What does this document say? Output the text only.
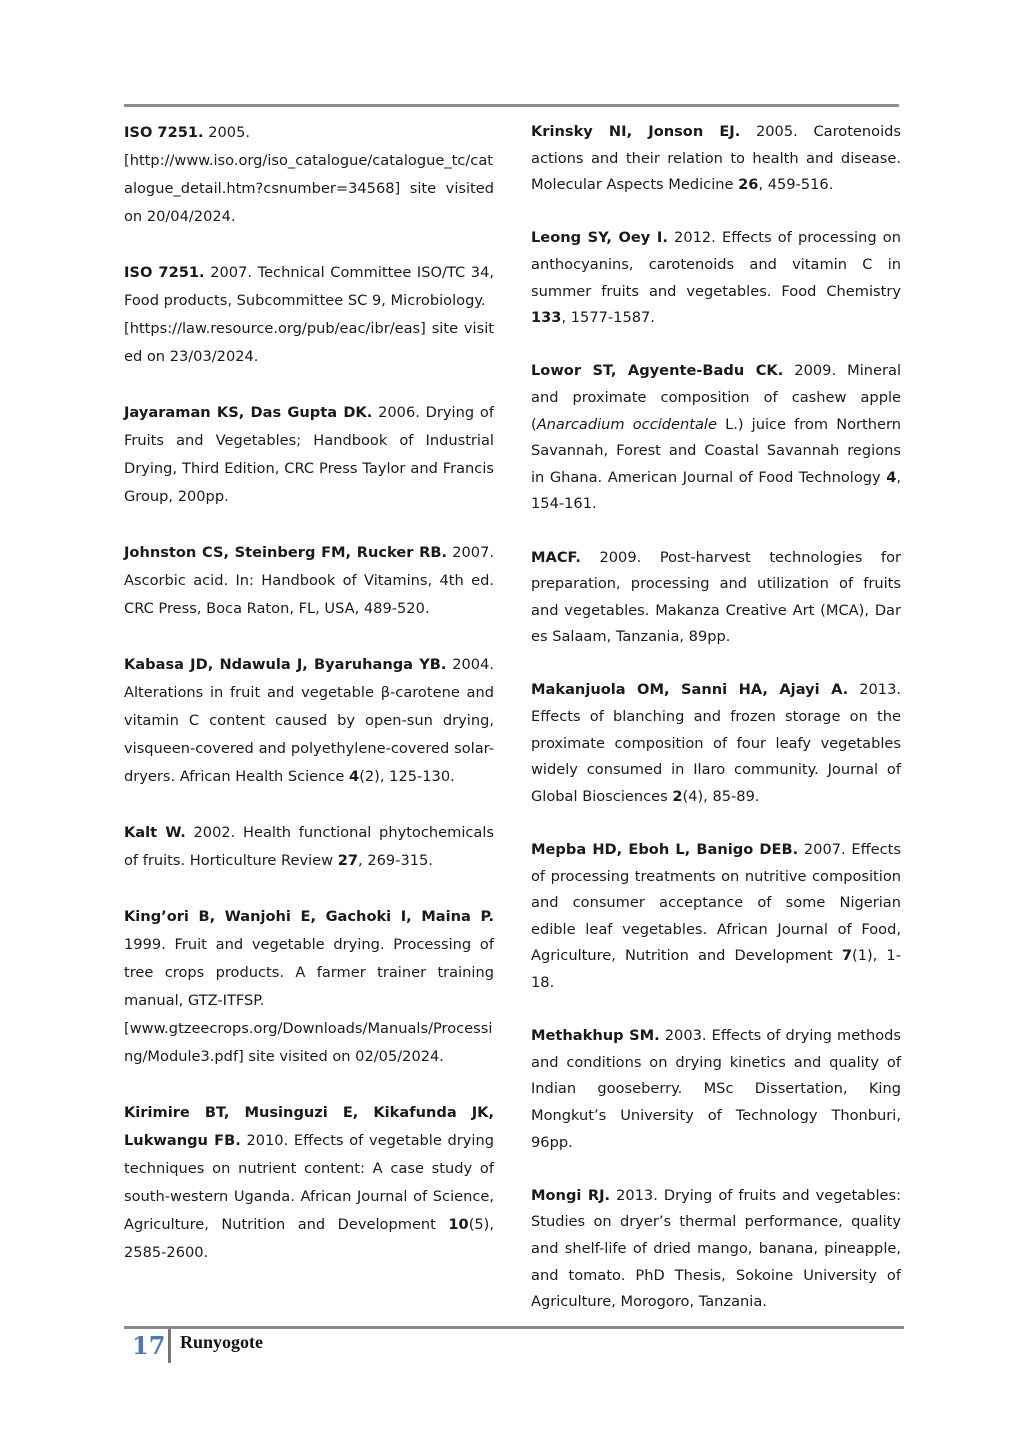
ISO 7251. 2005.
[http://www.iso.org/iso_catalogue/catalogue_tc/catalogue_detail.htm?csnumber=34568] site visited on 20/04/2024.

ISO 7251. 2007. Technical Committee ISO/TC 34, Food products, Subcommittee SC 9, Microbiology.
[https://law.resource.org/pub/eac/ibr/eas] site visited on 23/03/2024.

Jayaraman KS, Das Gupta DK. 2006. Drying of Fruits and Vegetables; Handbook of Industrial Drying, Third Edition, CRC Press Taylor and Francis Group, 200pp.

Johnston CS, Steinberg FM, Rucker RB. 2007. Ascorbic acid. In: Handbook of Vitamins, 4th ed. CRC Press, Boca Raton, FL, USA, 489-520.

Kabasa JD, Ndawula J, Byaruhanga YB. 2004. Alterations in fruit and vegetable β-carotene and vitamin C content caused by open-sun drying, visqueen-covered and polyethylene-covered solar-dryers. African Health Science 4(2), 125-130.

Kalt W. 2002. Health functional phytochemicals of fruits. Horticulture Review 27, 269-315.

King’ori B, Wanjohi E, Gachoki I, Maina P. 1999. Fruit and vegetable drying. Processing of tree crops products. A farmer trainer training manual, GTZ-ITFSP.
[www.gtzeecrops.org/Downloads/Manuals/Processing/Module3.pdf] site visited on 02/05/2024.

Kirimire BT, Musinguzi E, Kikafunda JK, Lukwangu FB. 2010. Effects of vegetable drying techniques on nutrient content: A case study of south-western Uganda. African Journal of Science, Agriculture, Nutrition and Development 10(5), 2585-2600.

Krinsky NI, Jonson EJ. 2005. Carotenoids actions and their relation to health and disease. Molecular Aspects Medicine 26, 459-516.

Leong SY, Oey I. 2012. Effects of processing on anthocyanins, carotenoids and vitamin C in summer fruits and vegetables. Food Chemistry 133, 1577-1587.

Lowor ST, Agyente-Badu CK. 2009. Mineral and proximate composition of cashew apple (Anarcadium occidentale L.) juice from Northern Savannah, Forest and Coastal Savannah regions in Ghana. American Journal of Food Technology 4, 154-161.

MACF. 2009. Post-harvest technologies for preparation, processing and utilization of fruits and vegetables. Makanza Creative Art (MCA), Dar es Salaam, Tanzania, 89pp.

Makanjuola OM, Sanni HA, Ajayi A. 2013. Effects of blanching and frozen storage on the proximate composition of four leafy vegetables widely consumed in Ilaro community. Journal of Global Biosciences 2(4), 85-89.

Mepba HD, Eboh L, Banigo DEB. 2007. Effects of processing treatments on nutritive composition and consumer acceptance of some Nigerian edible leaf vegetables. African Journal of Food, Agriculture, Nutrition and Development 7(1), 1-18.

Methakhup SM. 2003. Effects of drying methods and conditions on drying kinetics and quality of Indian gooseberry. MSc Dissertation, King Mongkut’s University of Technology Thonburi, 96pp.

Mongi RJ. 2013. Drying of fruits and vegetables: Studies on dryer’s thermal performance, quality and shelf-life of dried mango, banana, pineapple, and tomato. PhD Thesis, Sokoine University of Agriculture, Morogoro, Tanzania.

17 Runyogote
